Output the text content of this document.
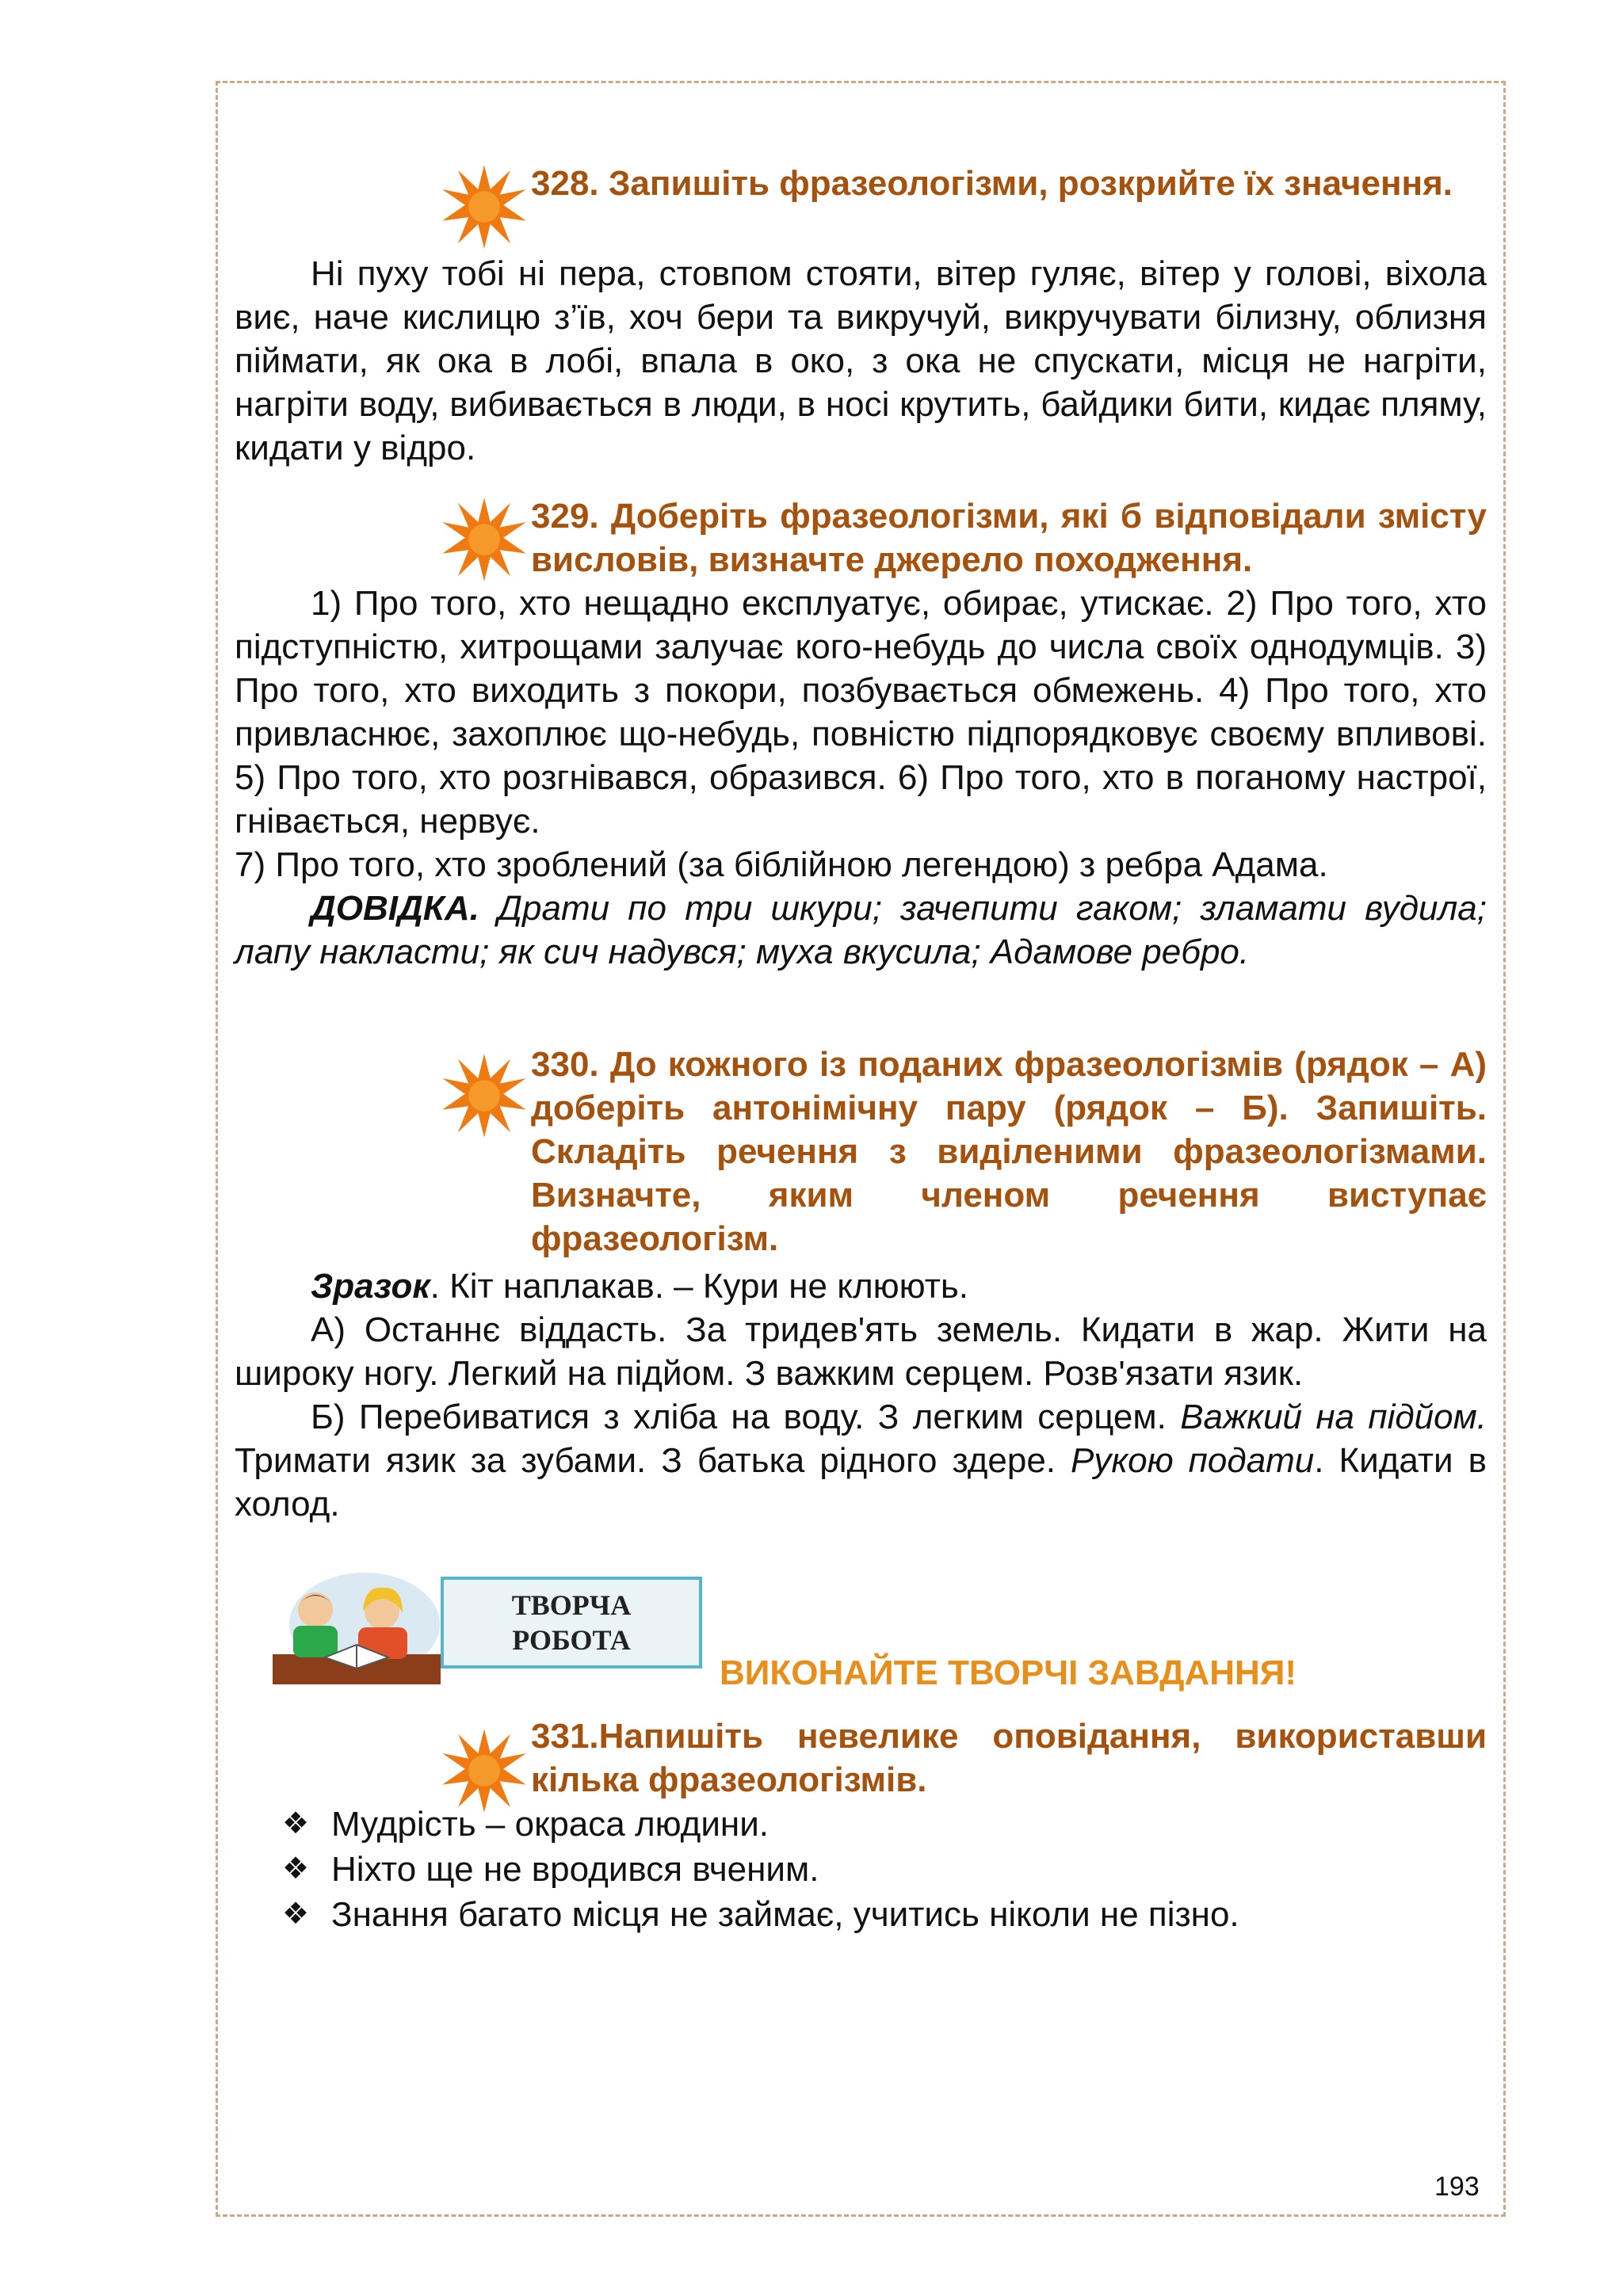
328. Запишіть фразеологізми, розкрийте їх значення.

Ні пуху тобі ні пера, стовпом стояти, вітер гуляє, вітер у голові, віхола виє, наче кислицю з’їв, хоч бери та викручуй, викручувати білизну, облизня піймати, як ока в лобі, впала в око, з ока не спускати, місця не нагріти, нагріти воду, вибивається в люди, в носі крутить, байдики бити, кидає пляму, кидати у відро.

329. Доберіть фразеологізми, які б відповідали змісту висловів, визначте джерело походження.

1) Про того, хто нещадно експлуатує, обирає, утискає. 2) Про того, хто підступністю, хитрощами залучає кого-небудь до числа своїх однодумців. 3) Про того, хто виходить з покори, позбувається обмежень. 4) Про того, хто привласнює, захоплює що-небудь, повністю підпорядковує своєму впливові. 5) Про того, хто розгнівався, образився. 6) Про того, хто в поганому настрої, гнівається, нервує.

7) Про того, хто зроблений (за біблійною легендою) з ребра Адама.

ДОВІДКА. Драти по три шкури; зачепити гаком; зламати вудила; лапу накласти; як сич надувся; муха вкусила; Адамове ребро.

330. До кожного із поданих фразеологізмів (рядок – А) доберіть антонімічну пару (рядок – Б). Запишіть. Складіть речення з виділеними фразеологізмами. Визначте, яким членом речення виступає фразеологізм.

Зразок. Кіт наплакав. – Кури не клюють.

А) Останнє віддасть. За тридев'ять земель. Кидати в жар. Жити на широку ногу. Легкий на підйом. З важким серцем. Розв'язати язик.

Б) Перебиватися з хліба на воду. З легким серцем. Важкий на підйом. Тримати язик за зубами. З батька рідного здере. Рукою подати. Кидати в холод.

ТВОРЧА
РОБОТА
ВИКОНАЙТЕ ТВОРЧІ ЗАВДАННЯ!

331.Напишіть невелике оповідання, використавши кілька фразеологізмів.

❖ Мудрість – окраса людини.
❖ Ніхто ще не вродився вченим.
❖ Знання багато місця не займає, учитись ніколи не пізно.
193
